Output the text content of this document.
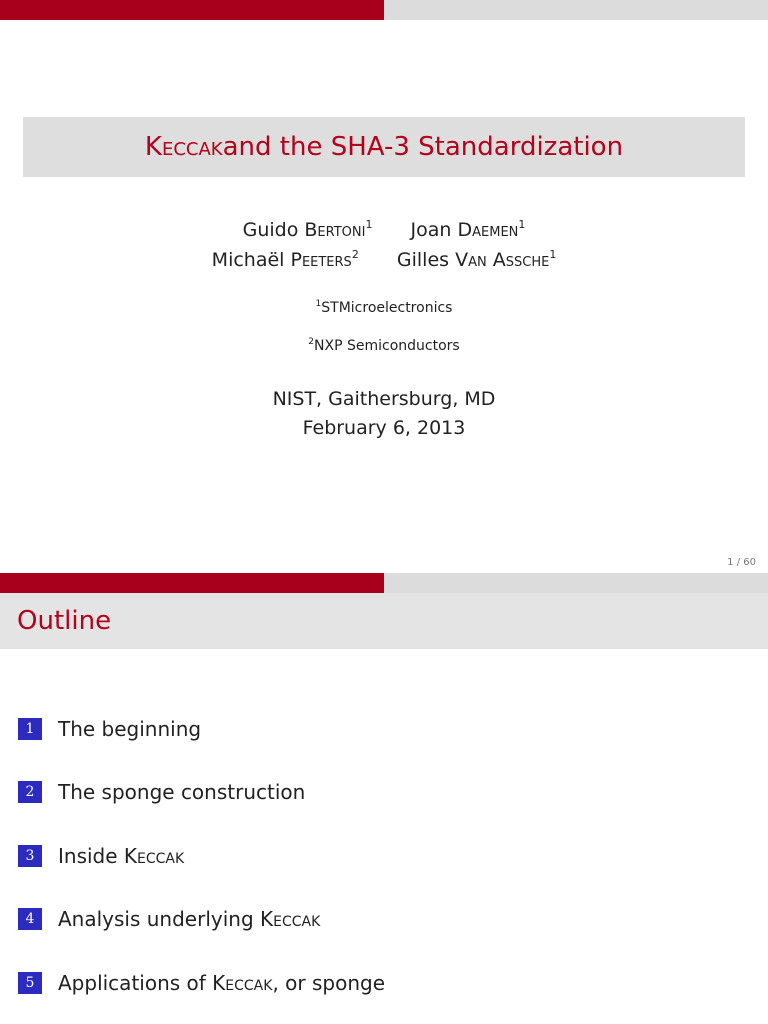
Keccak and the SHA-3 Standardization
Guido Bertoni$^1$ Joan Daemen$^1$
Michaël Peeters$^2$ Gilles Van Assche$^1$
$^1$STMicroelectronics
$^2$NXP Semiconductors
NIST, Gaithersburg, MD
February 6, 2013
1 / 60
Outline
1	The beginning
2	The sponge construction
3	Inside Keccak
4	Analysis underlying Keccak
5	Applications of Keccak, or sponge
